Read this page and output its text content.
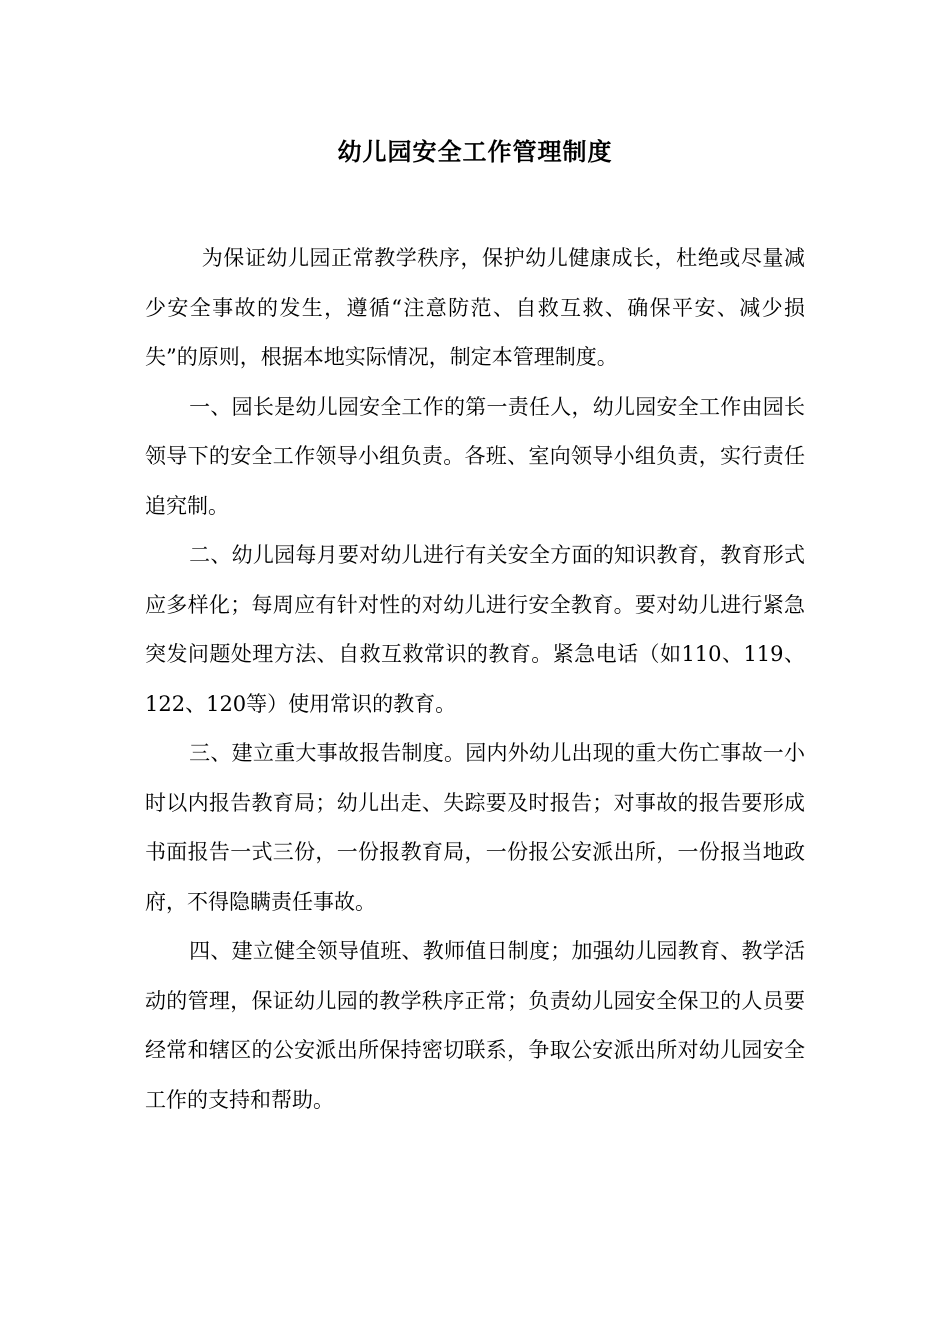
幼儿园安全工作管理制度

为保证幼儿园正常教学秩序，保护幼儿健康成长，杜绝或尽量减少安全事故的发生，遵循“注意防范、自救互救、确保平安、减少损失”的原则，根据本地实际情况，制定本管理制度。

一、园长是幼儿园安全工作的第一责任人，幼儿园安全工作由园长领导下的安全工作领导小组负责。各班、室向领导小组负责，实行责任追究制。

二、幼儿园每月要对幼儿进行有关安全方面的知识教育，教育形式应多样化；每周应有针对性的对幼儿进行安全教育。要对幼儿进行紧急突发问题处理方法、自救互救常识的教育。紧急电话（如110、119、122、120等）使用常识的教育。

三、建立重大事故报告制度。园内外幼儿出现的重大伤亡事故一小时以内报告教育局；幼儿出走、失踪要及时报告；对事故的报告要形成书面报告一式三份，一份报教育局，一份报公安派出所，一份报当地政府，不得隐瞒责任事故。

四、建立健全领导值班、教师值日制度；加强幼儿园教育、教学活动的管理，保证幼儿园的教学秩序正常；负责幼儿园安全保卫的人员要经常和辖区的公安派出所保持密切联系，争取公安派出所对幼儿园安全工作的支持和帮助。
